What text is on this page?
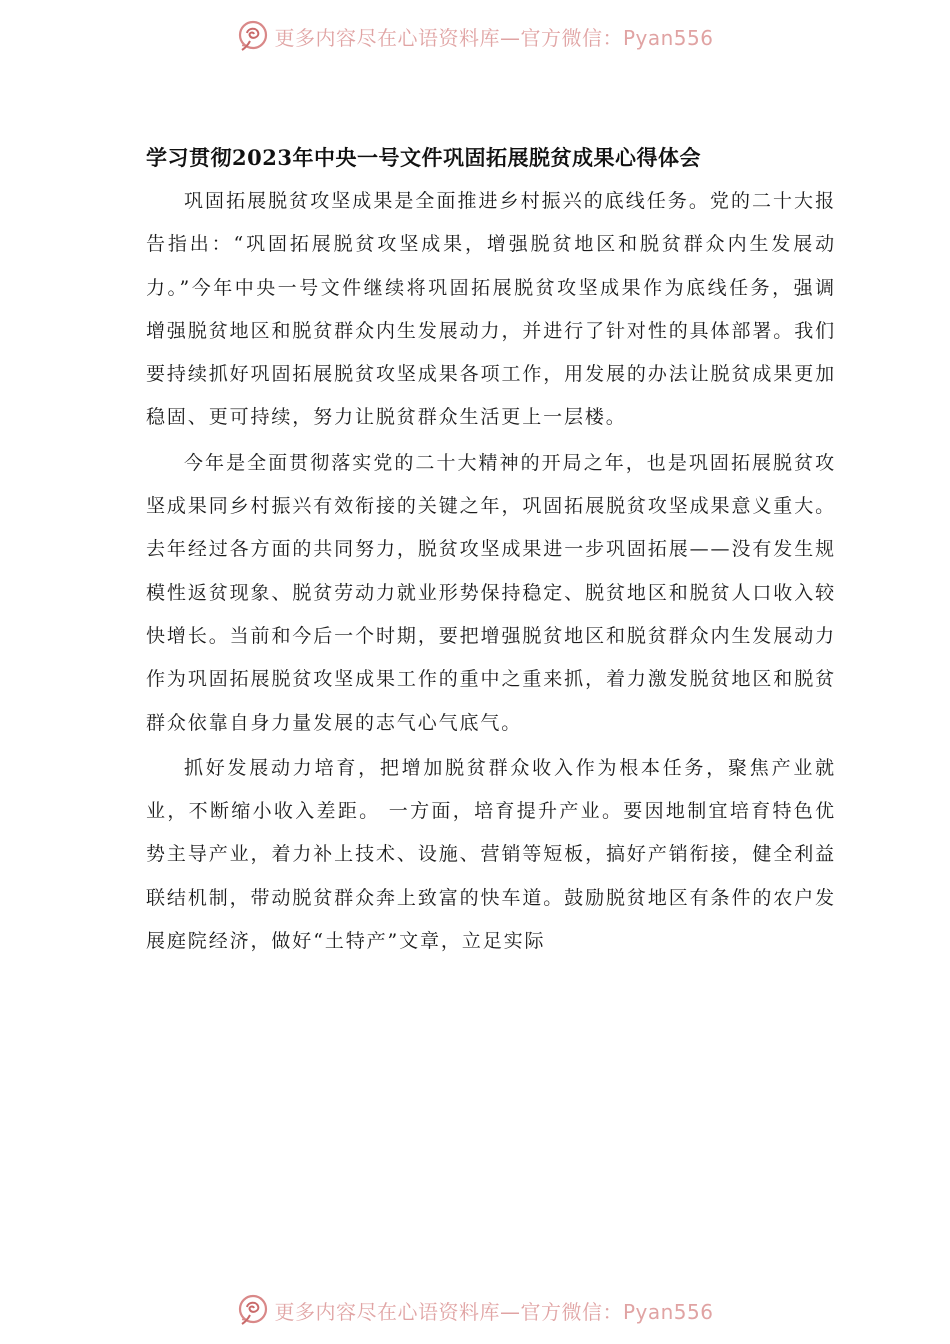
更多内容尽在心语资料库—官方微信：Pyan556
学习贯彻2023年中央一号文件巩固拓展脱贫成果心得体会

巩固拓展脱贫攻坚成果是全面推进乡村振兴的底线任务。党的二十大报告指出：“巩固拓展脱贫攻坚成果，增强脱贫地区和脱贫群众内生发展动力。”今年中央一号文件继续将巩固拓展脱贫攻坚成果作为底线任务，强调增强脱贫地区和脱贫群众内生发展动力，并进行了针对性的具体部署。我们要持续抓好巩固拓展脱贫攻坚成果各项工作，用发展的办法让脱贫成果更加稳固、更可持续，努力让脱贫群众生活更上一层楼。

今年是全面贯彻落实党的二十大精神的开局之年，也是巩固拓展脱贫攻坚成果同乡村振兴有效衔接的关键之年，巩固拓展脱贫攻坚成果意义重大。去年经过各方面的共同努力，脱贫攻坚成果进一步巩固拓展——没有发生规模性返贫现象、脱贫劳动力就业形势保持稳定、脱贫地区和脱贫人口收入较快增长。当前和今后一个时期，要把增强脱贫地区和脱贫群众内生发展动力作为巩固拓展脱贫攻坚成果工作的重中之重来抓，着力激发脱贫地区和脱贫群众依靠自身力量发展的志气心气底气。

抓好发展动力培育，把增加脱贫群众收入作为根本任务，聚焦产业就业，不断缩小收入差距。 一方面，培育提升产业。要因地制宜培育特色优势主导产业，着力补上技术、设施、营销等短板，搞好产销衔接，健全利益联结机制，带动脱贫群众奔上致富的快车道。鼓励脱贫地区有条件的农户发展庭院经济，做好“土特产”文章，立足实际

更多内容尽在心语资料库—官方微信：Pyan556
